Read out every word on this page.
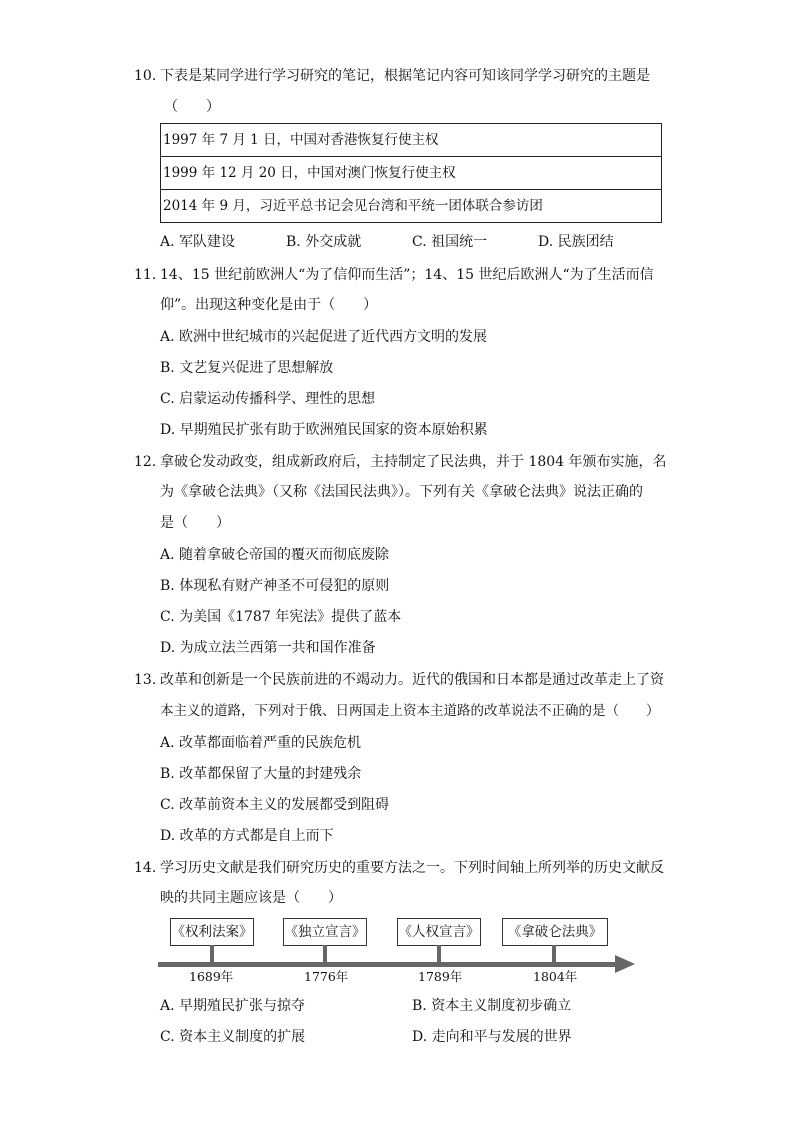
10. 下表是某同学进行学习研究的笔记，根据笔记内容可知该同学学习研究的主题是
（　　）
1997 年 7 月 1 日，中国对香港恢复行使主权
1999 年 12 月 20 日，中国对澳门恢复行使主权
2014 年 9 月，习近平总书记会见台湾和平统一团体联合参访团
A. 军队建设	B. 外交成就	C. 祖国统一	D. 民族团结
11. 14、15 世纪前欧洲人“为了信仰而生活”；14、15 世纪后欧洲人“为了生活而信
仰”。出现这种变化是由于（　　）
A. 欧洲中世纪城市的兴起促进了近代西方文明的发展
B. 文艺复兴促进了思想解放
C. 启蒙运动传播科学、理性的思想
D. 早期殖民扩张有助于欧洲殖民国家的资本原始积累
12. 拿破仑发动政变，组成新政府后，主持制定了民法典，并于 1804 年颁布实施，名
为《拿破仑法典》（又称《法国民法典》）。下列有关《拿破仑法典》说法正确的
是（　　）
A. 随着拿破仑帝国的覆灭而彻底废除
B. 体现私有财产神圣不可侵犯的原则
C. 为美国《1787 年宪法》提供了蓝本
D. 为成立法兰西第一共和国作准备
13. 改革和创新是一个民族前进的不竭动力。近代的俄国和日本都是通过改革走上了资
本主义的道路，下列对于俄、日两国走上资本主道路的改革说法不正确的是（　　）
A. 改革都面临着严重的民族危机
B. 改革都保留了大量的封建残余
C. 改革前资本主义的发展都受到阻碍
D. 改革的方式都是自上而下
14. 学习历史文献是我们研究历史的重要方法之一。下列时间轴上所列举的历史文献反
映的共同主题应该是（　　）
《权利法案》 《独立宣言》 《人权宣言》	《拿破仑法典》
1689年	1776年	1789年	1804年
A. 早期殖民扩张与掠夺	B. 资本主义制度初步确立
C. 资本主义制度的扩展	D. 走向和平与发展的世界
